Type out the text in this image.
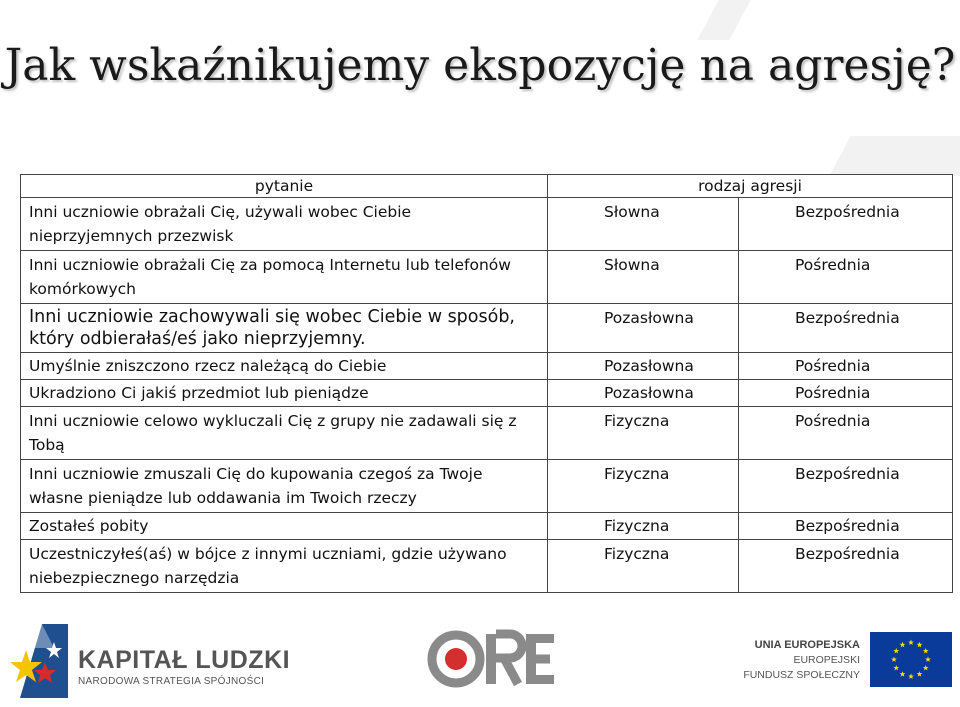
Jak wskaźnikujemy ekspozycję na agresję?
pytanie	rodzaj agresji	
Inni uczniowie obrażali Cię, używali wobec Ciebie nieprzyjemnych przezwisk	Słowna	Bezpośrednia
Inni uczniowie obrażali Cię za pomocą Internetu lub telefonów komórkowych	Słowna	Pośrednia
Inni uczniowie zachowywali się wobec Ciebie w sposób, który odbierałaś/eś jako nieprzyjemny.	Pozasłowna	Bezpośrednia
Umyślnie zniszczono rzecz należącą do Ciebie	Pozasłowna	Pośrednia
Ukradziono Ci jakiś przedmiot lub pieniądze	Pozasłowna	Pośrednia
Inni uczniowie celowo wykluczali Cię z grupy nie zadawali się z Tobą	Fizyczna	Pośrednia
Inni uczniowie zmuszali Cię do kupowania czegoś za Twoje własne pieniądze lub oddawania im Twoich rzeczy	Fizyczna	Bezpośrednia
Zostałeś pobity	Fizyczna	Bezpośrednia
Uczestniczyłeś(aś) w bójce z innymi uczniami, gdzie używano niebezpiecznego narzędzia	Fizyczna	Bezpośrednia
KAPITAŁ LUDZKI
NARODOWA STRATEGIA SPÓJNOŚCI
UNIA EUROPEJSKA
EUROPEJSKI
FUNDUSZ SPOŁECZNY
